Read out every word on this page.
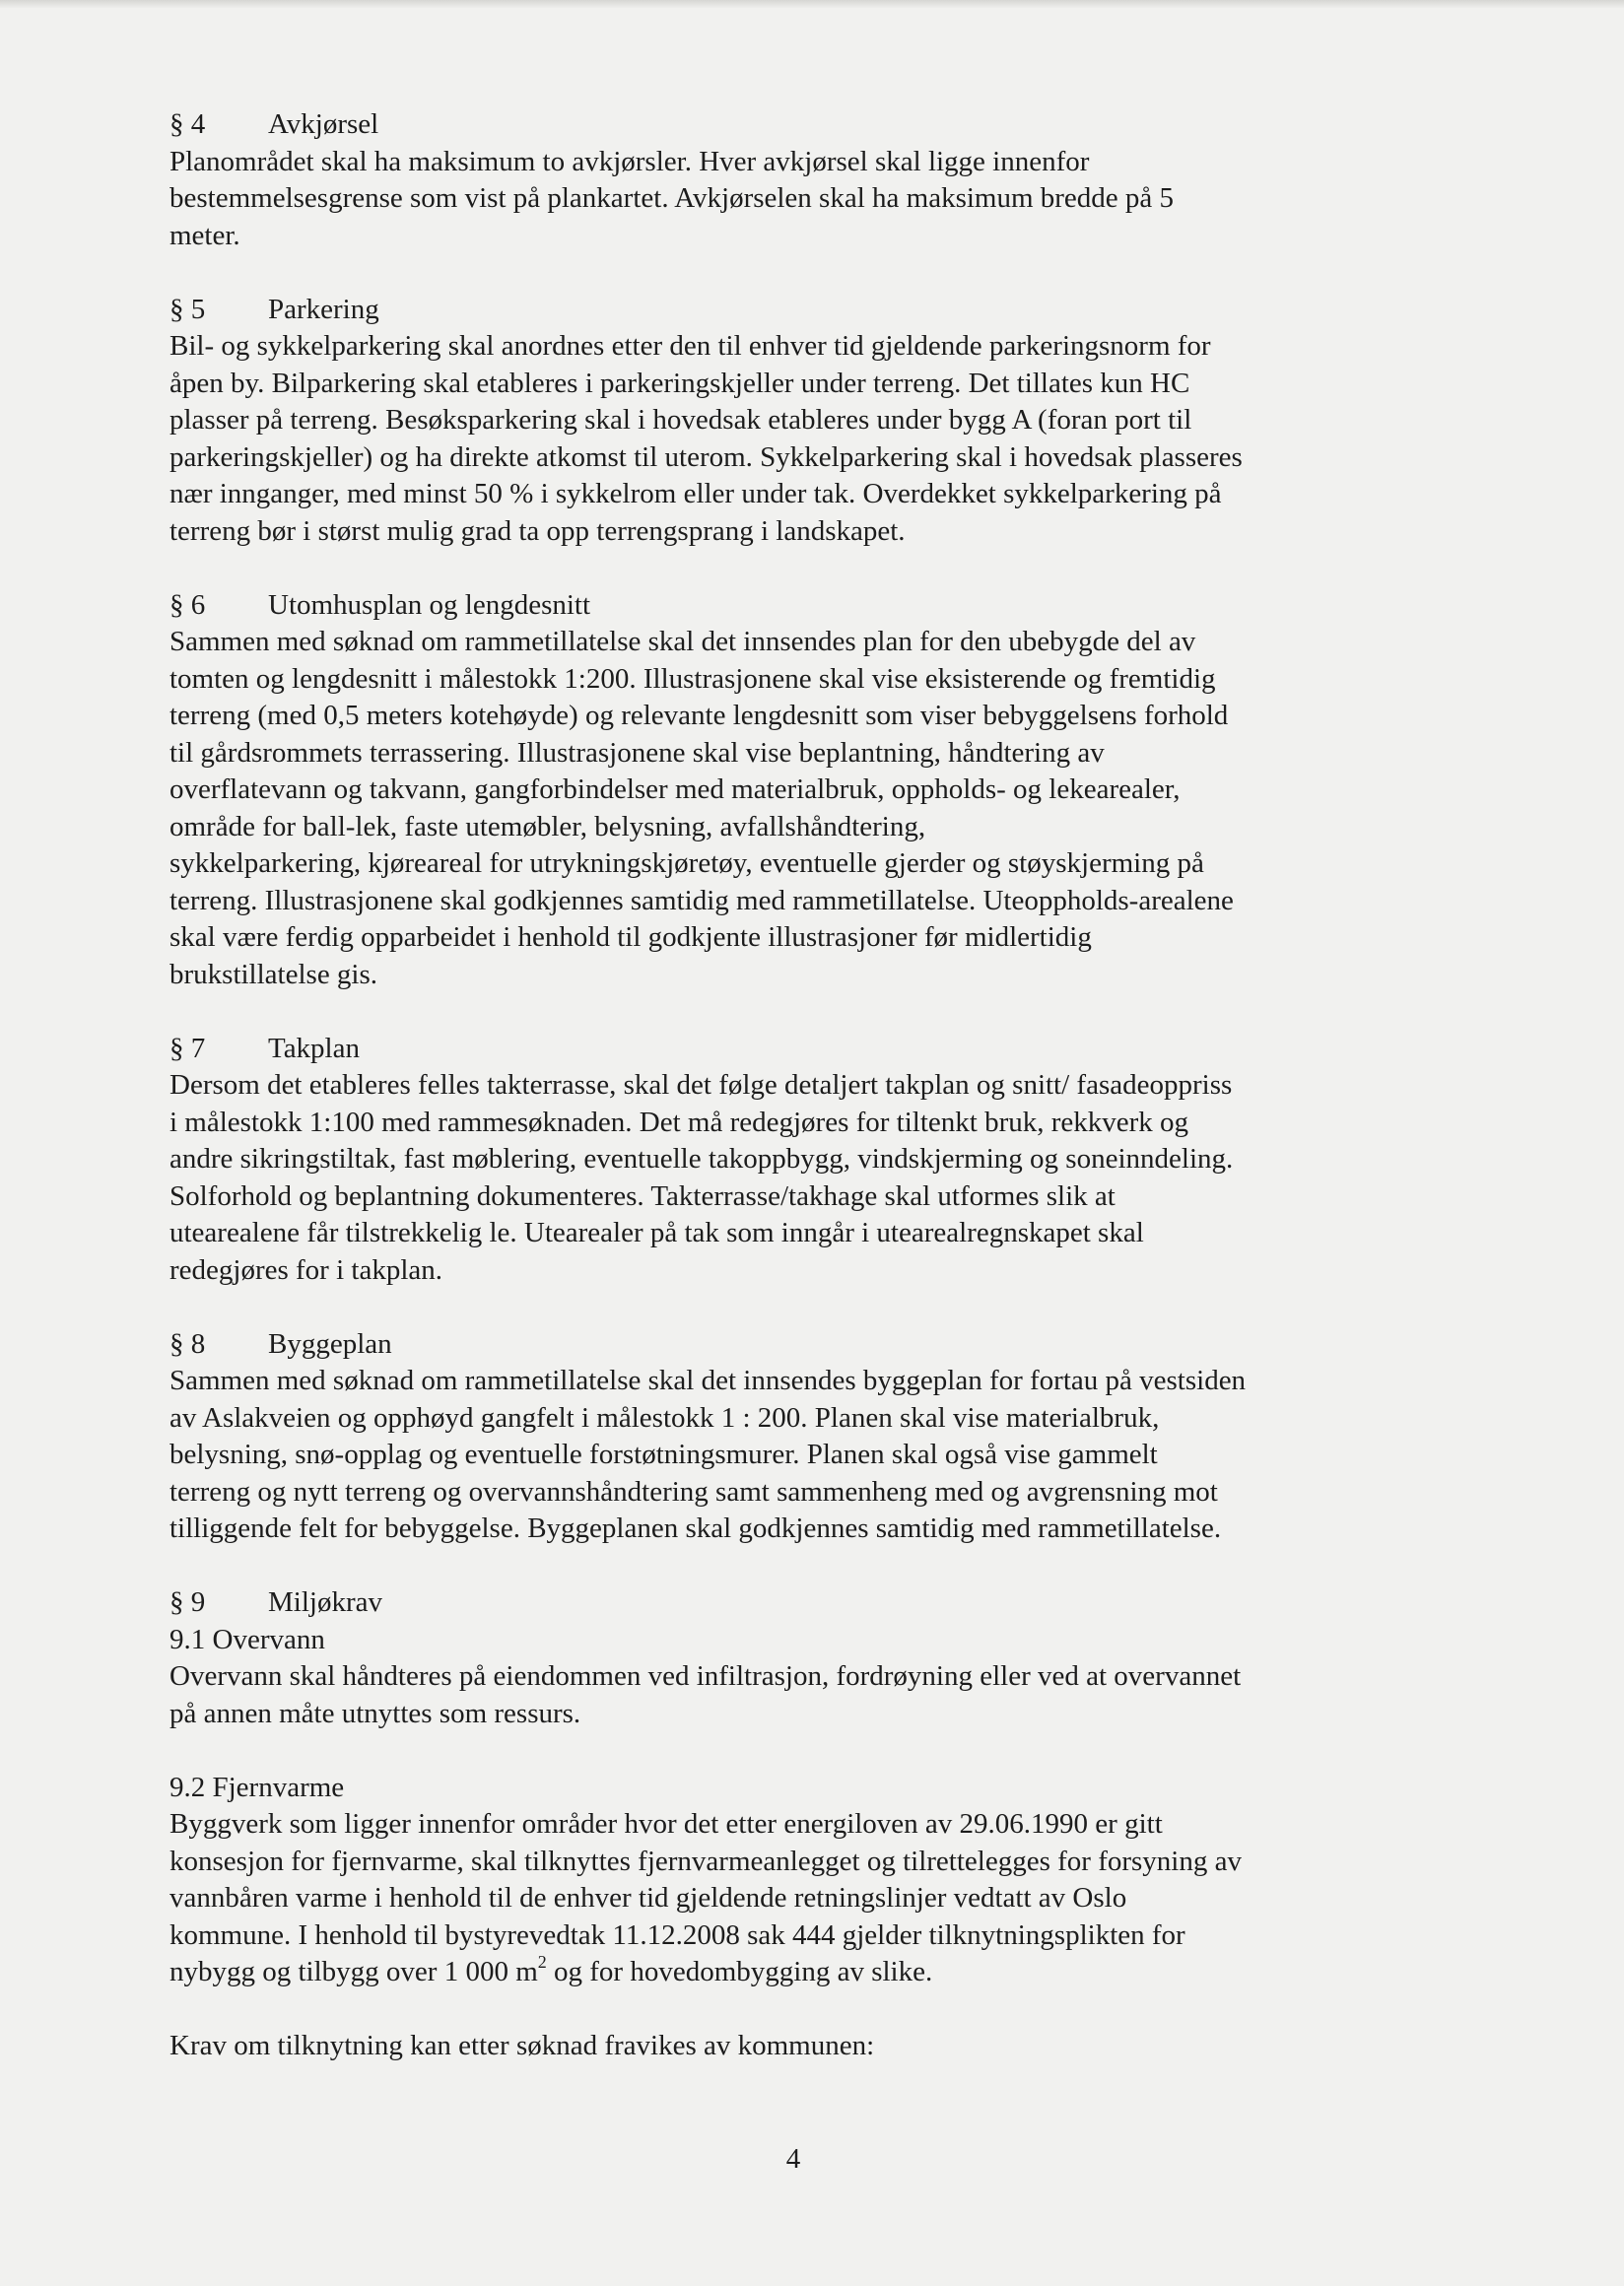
§ 4 Avkjørsel
Planområdet skal ha maksimum to avkjørsler. Hver avkjørsel skal ligge innenfor
bestemmelsesgrense som vist på plankartet. Avkjørselen skal ha maksimum bredde på 5
meter.
§ 5 Parkering
Bil- og sykkelparkering skal anordnes etter den til enhver tid gjeldende parkeringsnorm for
åpen by. Bilparkering skal etableres i parkeringskjeller under terreng. Det tillates kun HC
plasser på terreng. Besøksparkering skal i hovedsak etableres under bygg A (foran port til
parkeringskjeller) og ha direkte atkomst til uterom. Sykkelparkering skal i hovedsak plasseres
nær innganger, med minst 50 % i sykkelrom eller under tak. Overdekket sykkelparkering på
terreng bør i størst mulig grad ta opp terrengsprang i landskapet.
§ 6 Utomhusplan og lengdesnitt
Sammen med søknad om rammetillatelse skal det innsendes plan for den ubebygde del av
tomten og lengdesnitt i målestokk 1:200. Illustrasjonene skal vise eksisterende og fremtidig
terreng (med 0,5 meters kotehøyde) og relevante lengdesnitt som viser bebyggelsens forhold
til gårdsrommets terrassering. Illustrasjonene skal vise beplantning, håndtering av
overflatevann og takvann, gangforbindelser med materialbruk, oppholds- og lekearealer,
område for ball-lek, faste utemøbler, belysning, avfallshåndtering,
sykkelparkering, kjøreareal for utrykningskjøretøy, eventuelle gjerder og støyskjerming på
terreng. Illustrasjonene skal godkjennes samtidig med rammetillatelse. Uteoppholds-arealene
skal være ferdig opparbeidet i henhold til godkjente illustrasjoner før midlertidig
brukstillatelse gis.
§ 7 Takplan
Dersom det etableres felles takterrasse, skal det følge detaljert takplan og snitt/ fasadeoppriss
i målestokk 1:100 med rammesøknaden. Det må redegjøres for tiltenkt bruk, rekkverk og
andre sikringstiltak, fast møblering, eventuelle takoppbygg, vindskjerming og soneinndeling.
Solforhold og beplantning dokumenteres. Takterrasse/takhage skal utformes slik at
utearealene får tilstrekkelig le. Utearealer på tak som inngår i utearealregnskapet skal
redegjøres for i takplan.
§ 8 Byggeplan
Sammen med søknad om rammetillatelse skal det innsendes byggeplan for fortau på vestsiden
av Aslakveien og opphøyd gangfelt i målestokk 1 : 200. Planen skal vise materialbruk,
belysning, snø-opplag og eventuelle forstøtningsmurer. Planen skal også vise gammelt
terreng og nytt terreng og overvannshåndtering samt sammenheng med og avgrensning mot
tilliggende felt for bebyggelse. Byggeplanen skal godkjennes samtidig med rammetillatelse.
§ 9 Miljøkrav
9.1 Overvann
Overvann skal håndteres på eiendommen ved infiltrasjon, fordrøyning eller ved at overvannet
på annen måte utnyttes som ressurs.
9.2 Fjernvarme
Byggverk som ligger innenfor områder hvor det etter energiloven av 29.06.1990 er gitt
konsesjon for fjernvarme, skal tilknyttes fjernvarmeanlegget og tilrettelegges for forsyning av
vannbåren varme i henhold til de enhver tid gjeldende retningslinjer vedtatt av Oslo
kommune. I henhold til bystyrevedtak 11.12.2008 sak 444 gjelder tilknytningsplikten for
nybygg og tilbygg over 1 000 $m^2$ og for hovedombygging av slike.
Krav om tilknytning kan etter søknad fravikes av kommunen:
4
